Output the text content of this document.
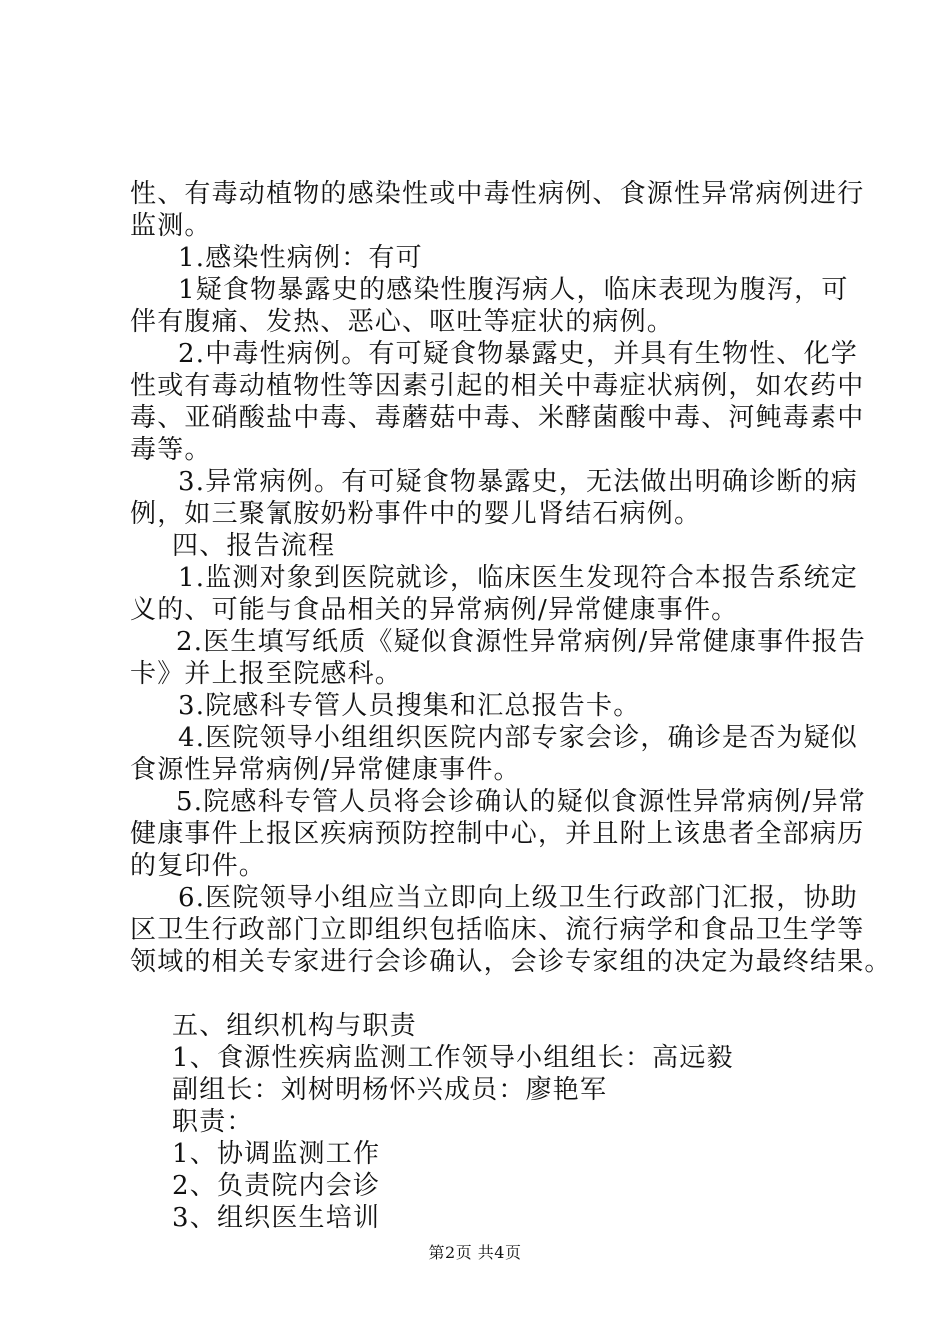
性、有毒动植物的感染性或中毒性病例、食源性异常病例进行
监测。
1.感染性病例：有可
1疑食物暴露史的感染性腹泻病人，临床表现为腹泻，可
伴有腹痛、发热、恶心、呕吐等症状的病例。
2.中毒性病例。有可疑食物暴露史，并具有生物性、化学
性或有毒动植物性等因素引起的相关中毒症状病例，如农药中
毒、亚硝酸盐中毒、毒蘑菇中毒、米酵菌酸中毒、河鲀毒素中
毒等。
3.异常病例。有可疑食物暴露史，无法做出明确诊断的病
例，如三聚氰胺奶粉事件中的婴儿肾结石病例。
四、报告流程
1.监测对象到医院就诊，临床医生发现符合本报告系统定
义的、可能与食品相关的异常病例/异常健康事件。
2.医生填写纸质《疑似食源性异常病例/异常健康事件报告
卡》并上报至院感科。
3.院感科专管人员搜集和汇总报告卡。
4.医院领导小组组织医院内部专家会诊，确诊是否为疑似
食源性异常病例/异常健康事件。
5.院感科专管人员将会诊确认的疑似食源性异常病例/异常
健康事件上报区疾病预防控制中心，并且附上该患者全部病历
的复印件。
6.医院领导小组应当立即向上级卫生行政部门汇报，协助
区卫生行政部门立即组织包括临床、流行病学和食品卫生学等
领域的相关专家进行会诊确认，会诊专家组的决定为最终结果。
五、组织机构与职责
1、食源性疾病监测工作领导小组组长：高远毅
副组长：刘树明杨怀兴成员：廖艳军
职责：
1、协调监测工作
2、负责院内会诊
3、组织医生培训
第2页 共4页
